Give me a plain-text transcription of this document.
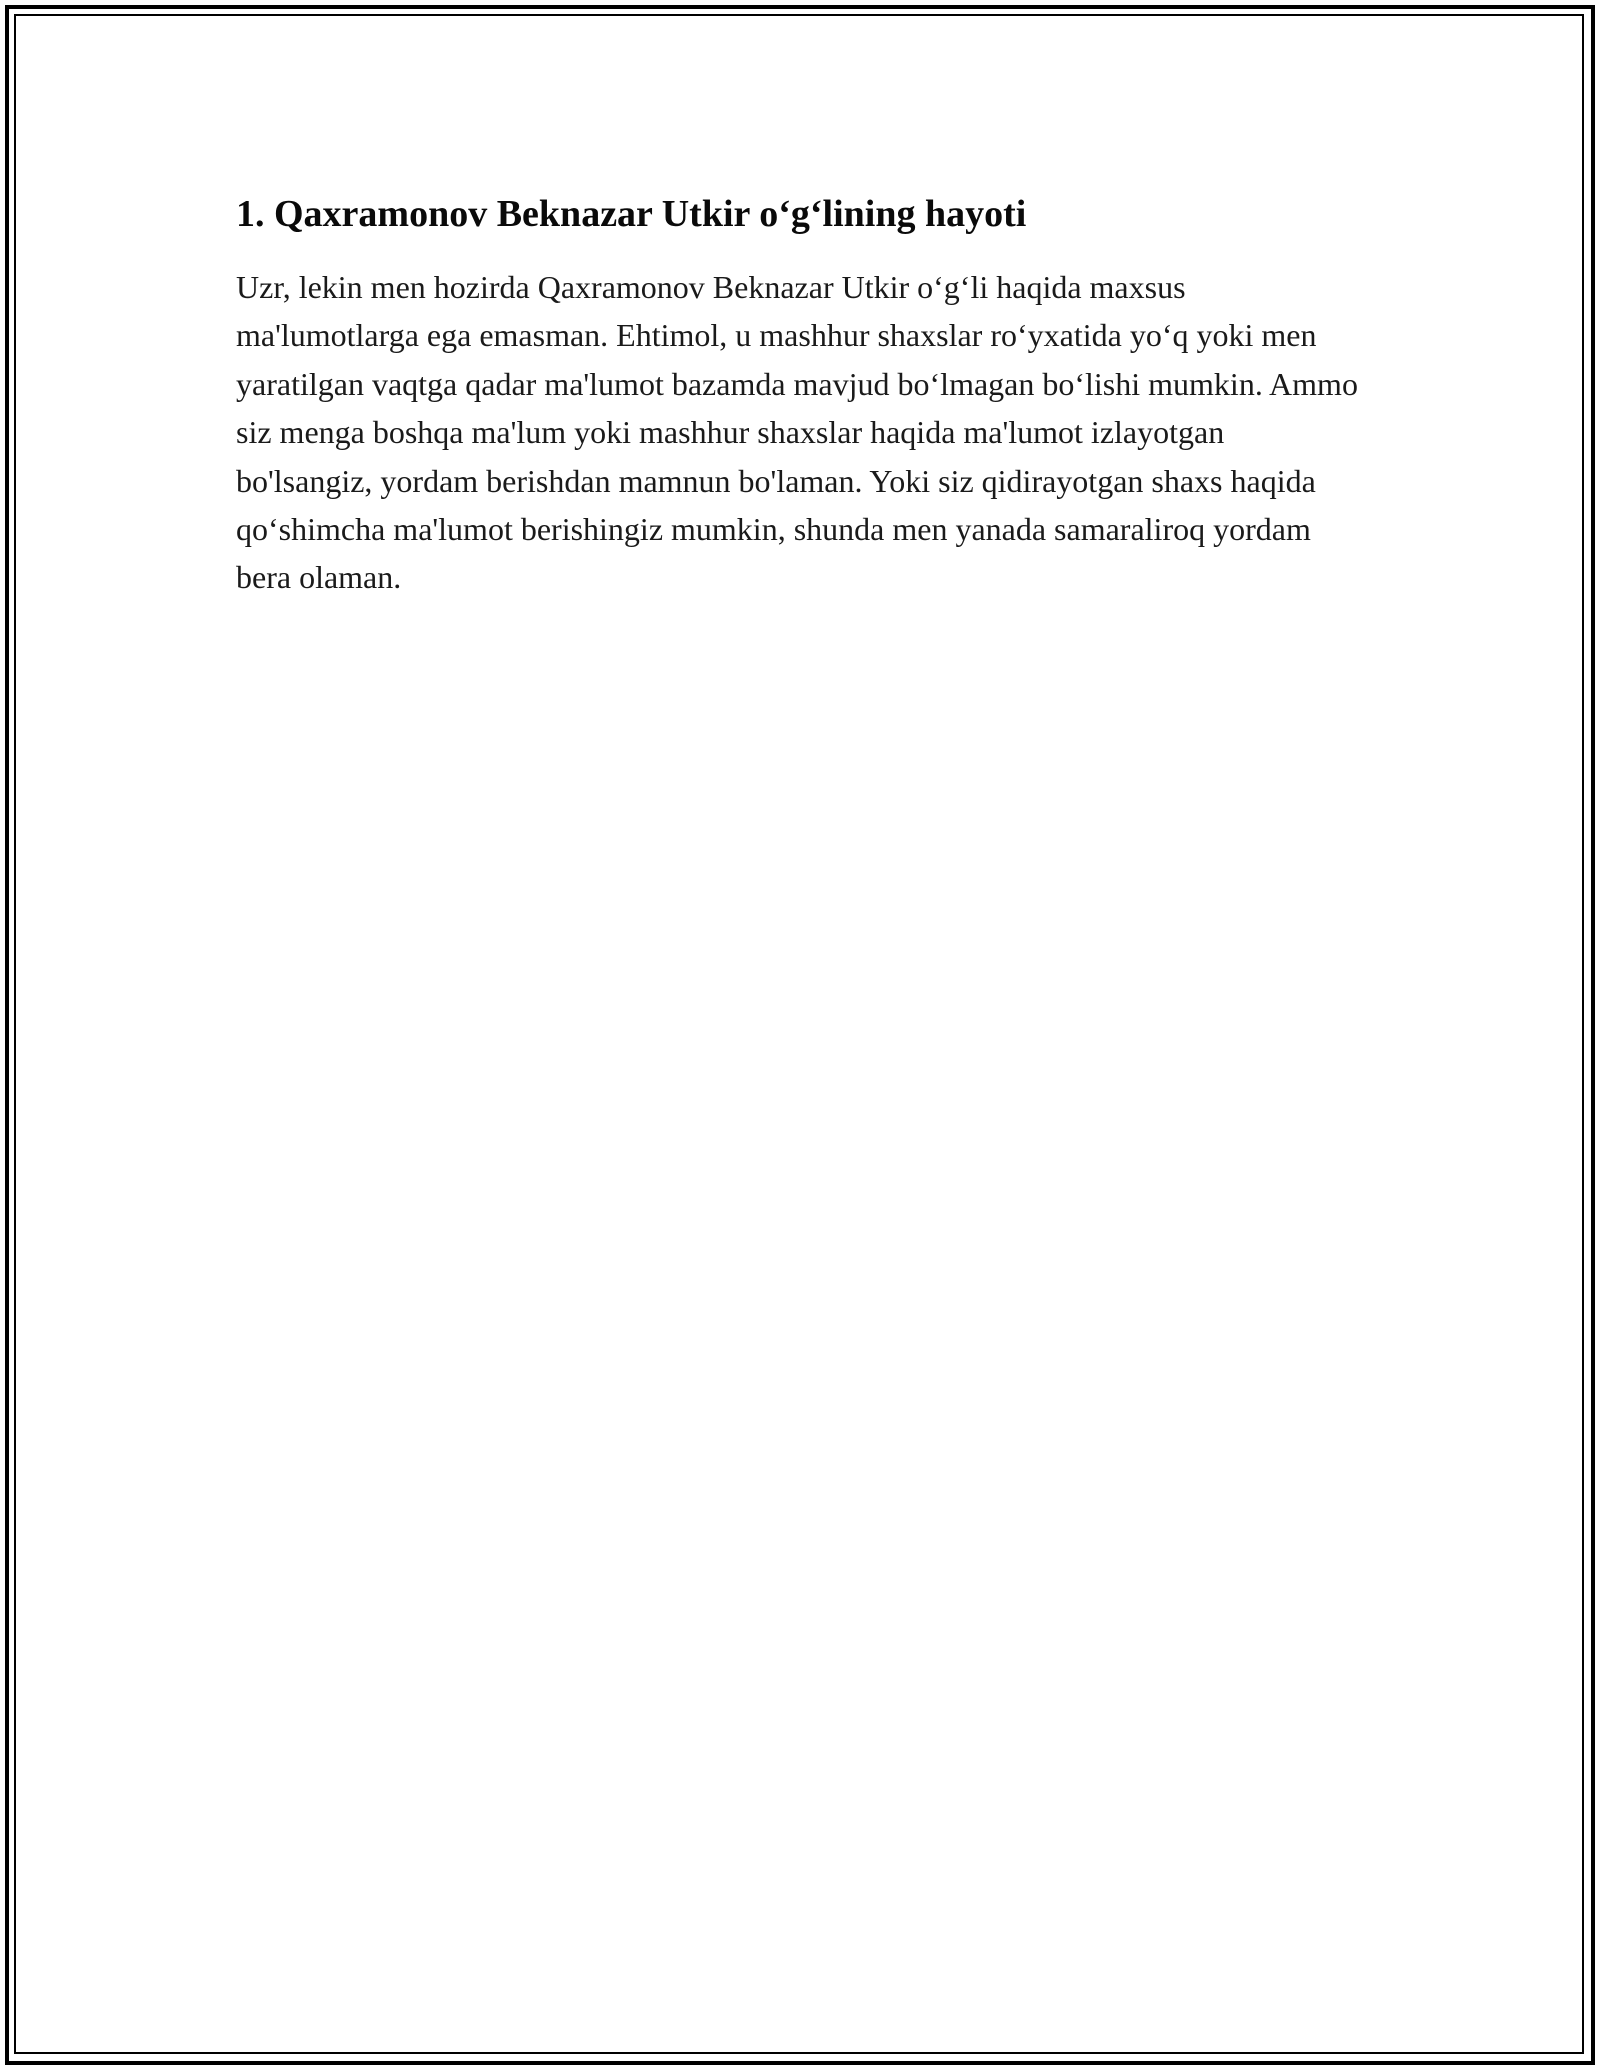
1. Qaxramonov Beknazar Utkir o‘g‘lining hayoti

Uzr, lekin men hozirda Qaxramonov Beknazar Utkir o‘g‘li haqida maxsus ma'lumotlarga ega emasman. Ehtimol, u mashhur shaxslar ro‘yxatida yo‘q yoki men yaratilgan vaqtga qadar ma'lumot bazamda mavjud bo‘lmagan bo‘lishi mumkin. Ammo siz menga boshqa ma'lum yoki mashhur shaxslar haqida ma'lumot izlayotgan bo'lsangiz, yordam berishdan mamnun bo'laman. Yoki siz qidirayotgan shaxs haqida qo‘shimcha ma'lumot berishingiz mumkin, shunda men yanada samaraliroq yordam bera olaman.
